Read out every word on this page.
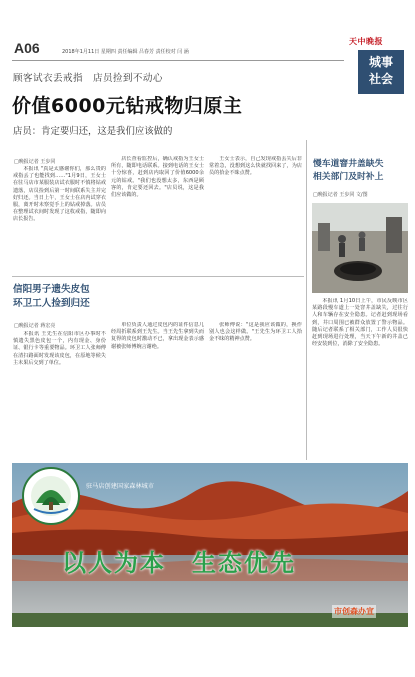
A06	2018年1月11日 星期四 责任编辑 吕春芳 责任校对 闫 涵
天中晚报
城事
社会
顾客试衣丢戒指　店员捡到不动心
价值6000元钻戒物归原主
店员：肯定要归还，这是我们应该做的
□晚报记者 王步同

本报讯 "真是太感谢你们，那么贵的戒指丢了也能找到……"1月9日，王女士在驻马店市某服装店试衣服时不慎将钻戒遗落，店员捡到后第一时间联系失主并完好归还。当日上午，王女士在店内试穿衣服，离开时未察觉手上的钻戒掉落。店员在整理试衣间时发现了这枚戒指，随即向店长报告。

店长查看监控后，确认戒指为王女士所有，随即电话联系。接到电话的王女士十分惊喜，赶到店内取回了价值6000余元的钻戒。"我们也没想太多，东西是顾客的，肯定要还回去。"店员说，这是我们应该做的。

王女士表示，自己发现戒指丢失后非常着急，没想到这么快就找回来了，为店员的拾金不昧点赞。

慢车道窨井盖缺失
相关部门及时补上
□晚报记者 王步同 文/图

本报讯 1月10日上午，市民反映市区某路段慢车道上一处窨井盖缺失，过往行人和车辆存在安全隐患。记者赶到现场看到，井口周围已被群众放置了警示物品。随后记者联系了相关部门，工作人员很快赶到现场进行处理，当天下午新的井盖已经安装到位，消除了安全隐患。

信阳男子遗失皮包
环卫工人捡到归还
□晚报记者 蒋宏亮

本报讯 王先生在信阳市区办事时不慎遗失黑色皮包一个，内有现金、身份证、银行卡等重要物品。环卫工人张师傅在清扫路面时发现该皮包，在原地等候失主未果后交到了单位。

单位负责人通过皮包内的证件信息几经周折联系到王先生。当王先生拿到失而复得的皮包时激动不已，拿出现金表示感谢被张师傅婉言谢绝。

张师傅说："这是我应该做的，换作别人也会这样做。"王先生为环卫工人拾金不昧的精神点赞。

驻马店创建国家森林城市
以人为本　生态优先
市创森办宣
